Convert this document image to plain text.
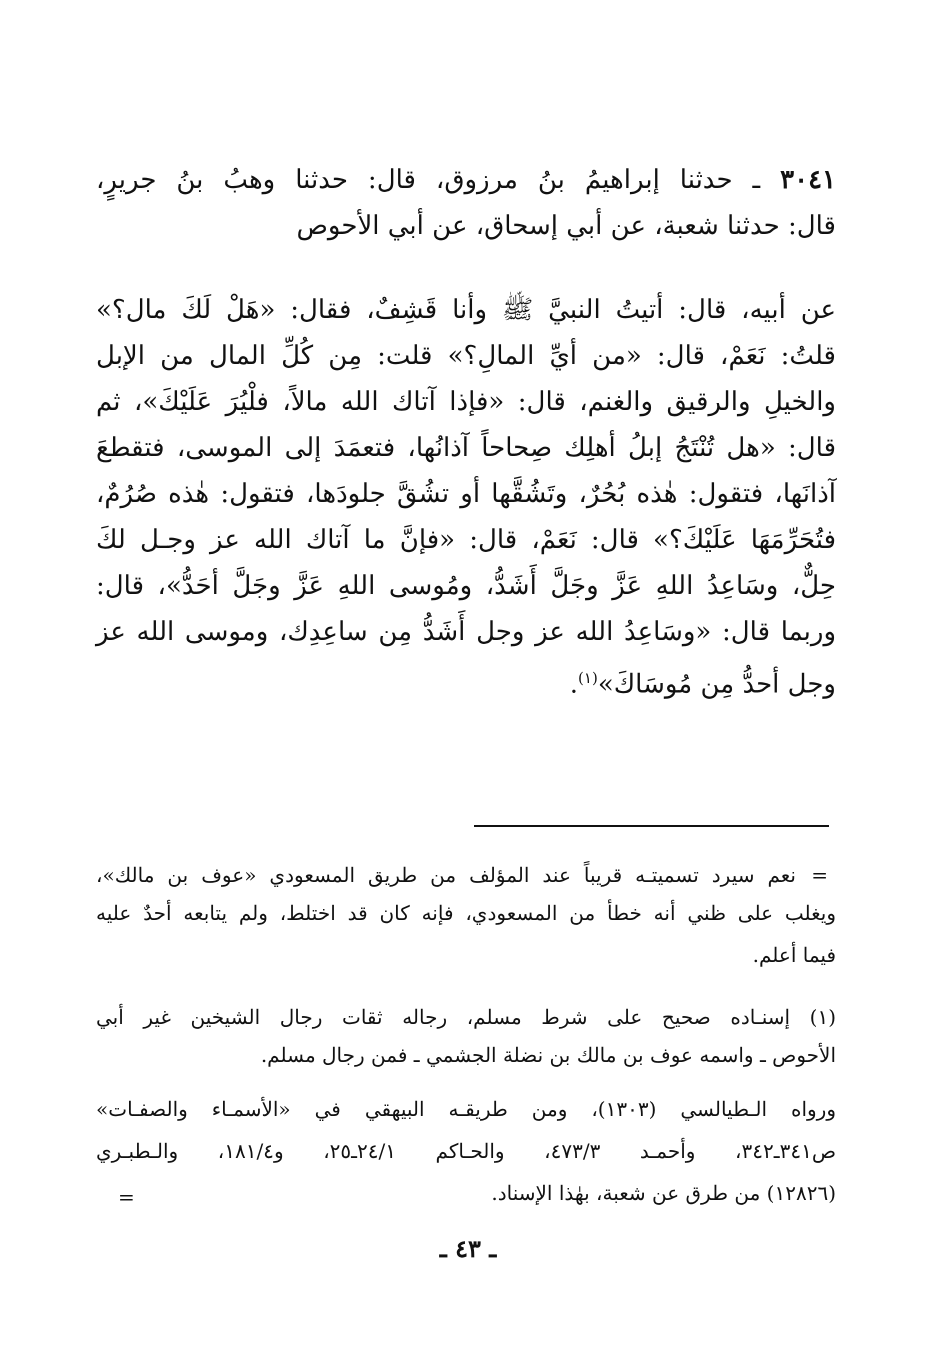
٣٠٤١ ـ حدثنا إبراهيمُ بنُ مرزوق، قال: حدثنا وهبُ بنُ جريرٍ،
قال: حدثنا شعبة، عن أبي إسحاق، عن أبي الأحوص
عن أبيه، قال: أتيتُ النبيَّ ﷺ وأنا قَشِفٌ، فقال: «هَلْ لَكَ مال؟»
قلتُ: نَعَمْ، قال: «من أيِّ المالِ؟» قلت: مِن كُلِّ المال من الإبل
والخيلِ والرقيق والغنم، قال: «فإذا آتاك الله مالاً، فلْيُرَ عَلَيْكَ»، ثم
قال: «هل تُنْتَجُ إبلُ أهلِك صِحاحاً آذانُها، فتعمَدَ إلى الموسى، فتقطعَ
آذانَها، فتقول: هٰذه بُحُرٌ، وتَشُقَّها أو تشُقَّ جلودَها، فتقول: هٰذه صُرُمٌ،
فتُحَرِّمَهَا عَلَيْكَ؟» قال: نَعَمْ، قال: «فإنَّ ما آتاك الله عز وجـل لكَ
حِلٌّ، وسَاعِدُ اللهِ عَزَّ وجَلَّ أَشَدُّ، ومُوسى اللهِ عَزَّ وجَلَّ أحَدُّ»، قال:
وربما قال: «وسَاعِدُ الله عز وجل أَشَدُّ مِن ساعِدِك، وموسى الله عز
وجل أحدُّ مِن مُوسَاكَ»$^{(١)}$.
=
نعم سيرد تسميتـه قريباً عند المؤلف من طريق المسعودي «عوف بن مالك»،
ويغلب على ظني أنه خطأ من المسعودي، فإنه كان قد اختلط، ولم يتابعه أحدٌ عليه
فيما أعلم.
(١) إسنـاده صحيح على شرط مسلم، رجاله ثقات رجال الشيخين غير أبي
الأحوص ـ واسمه عوف بن مالك بن نضلة الجشمي ـ فمن رجال مسلم.
ورواه الـطيالسي (١٣٠٣)، ومن طريقـه البيهقي في «الأسمـاء والصفـات»
ص٣٤١ـ٣٤٢، وأحمـد ٤٧٣/٣، والحـاكم ٢٤/١ـ٢٥، و١٨١/٤، والـطبـري
(١٢٨٢٦) من طرق عن شعبة، بهٰذا الإسناد.
=
ـ ٤٣ ـ
